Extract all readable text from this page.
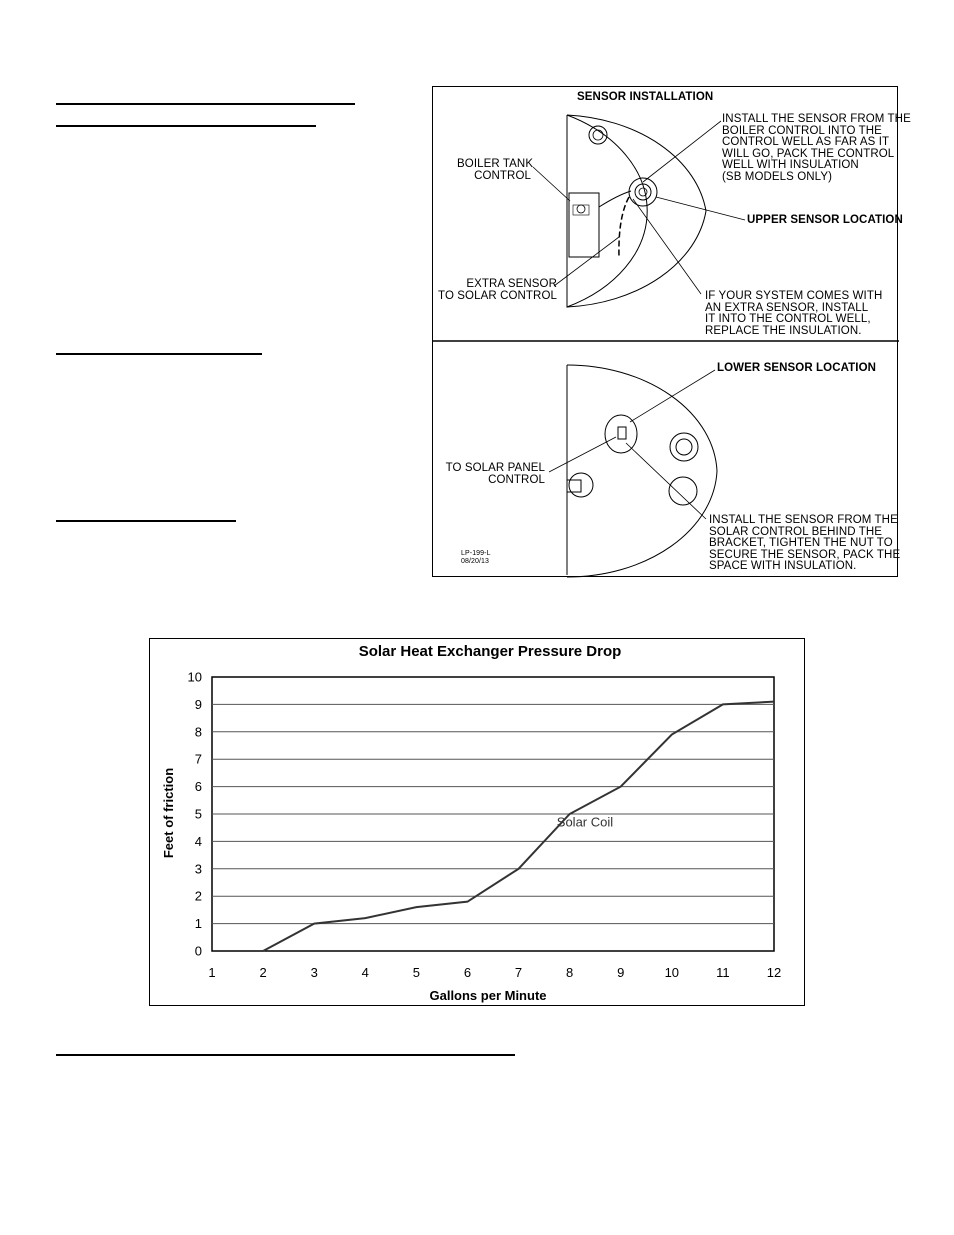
SENSOR INSTALLATION
INSTALL THE SENSOR FROM THE
BOILER CONTROL INTO THE
CONTROL WELL AS FAR AS IT
WILL GO, PACK THE CONTROL
WELL WITH INSULATION
(SB MODELS ONLY)
BOILER TANK
CONTROL
UPPER SENSOR LOCATION
EXTRA SENSOR
TO SOLAR CONTROL	IF YOUR SYSTEM COMES WITH
AN EXTRA SENSOR, INSTALL
IT INTO THE CONTROL WELL,
REPLACE THE INSULATION.
LOWER SENSOR LOCATION
TO SOLAR PANEL
CONTROL
INSTALL THE SENSOR FROM THE
SOLAR CONTROL BEHIND THE
BRACKET, TIGHTEN THE NUT TO
SECURE THE SENSOR, PACK THE
SPACE WITH INSULATION.
LP-199-L
08/20/13
Solar Heat Exchanger Pressure Drop
Gallons per Minute
Feet of friction
0
1
2
3
4
5
6
7
8
9
10
1	2	3	4	5	6	7	8	9	10	11	12
Solar Coil
